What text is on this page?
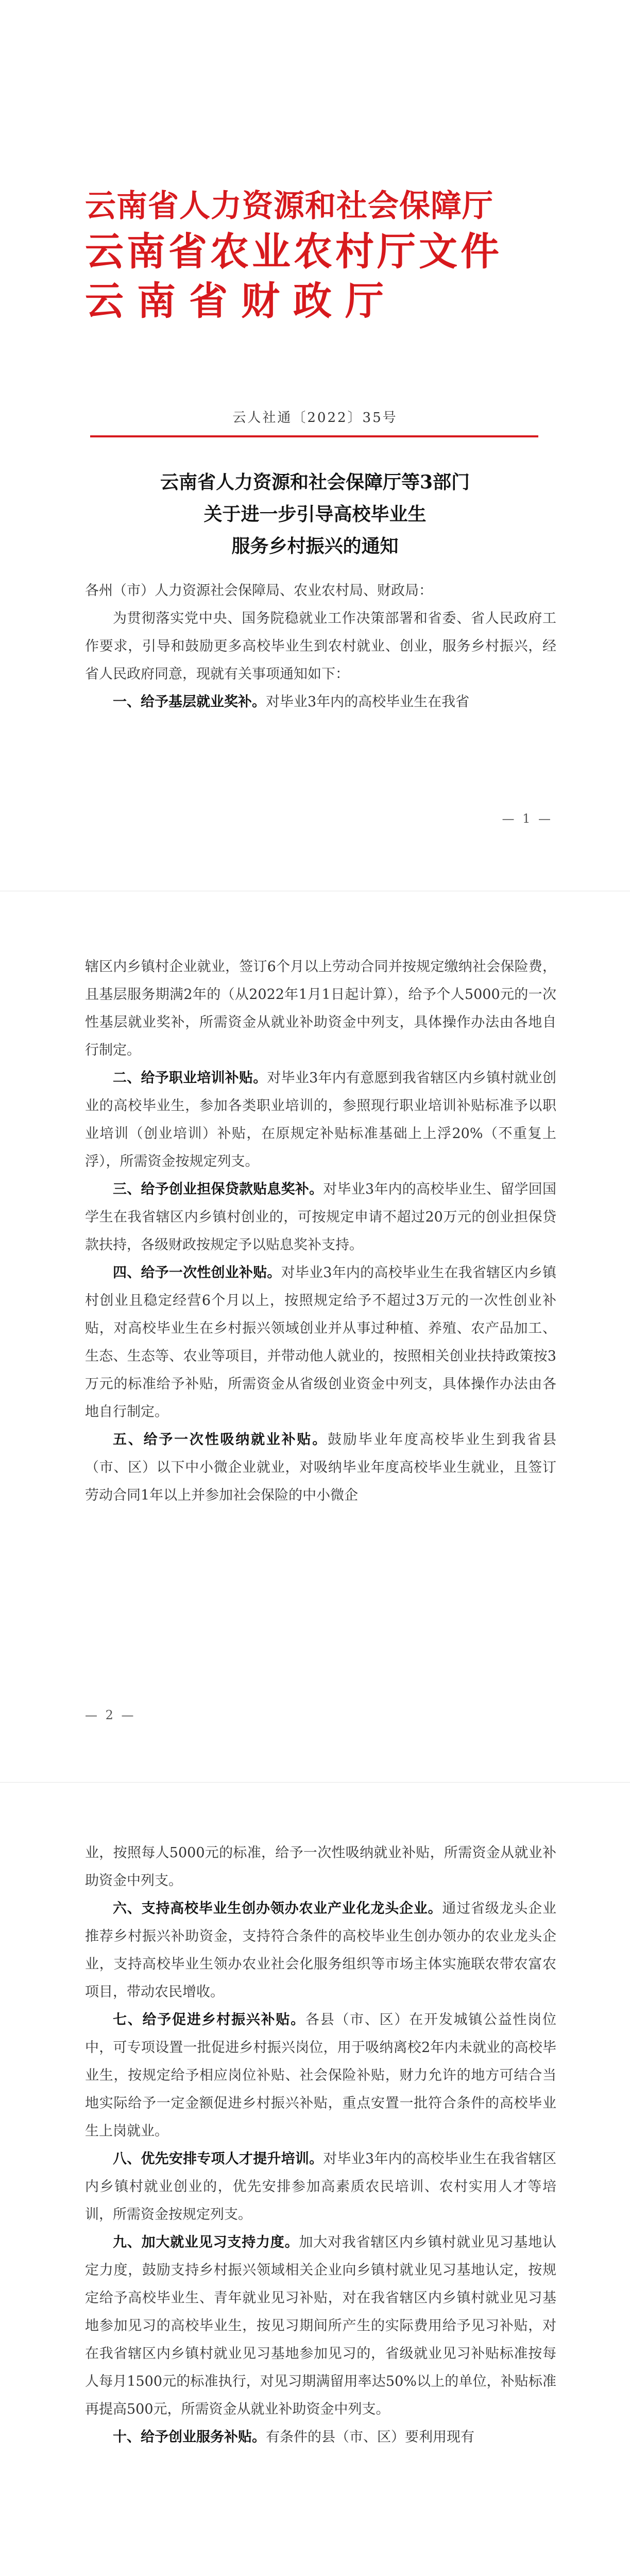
云南省人力资源和社会保障厅
云南省农业农村厅文件
云南省财政厅
云人社通〔2022〕35号
云南省人力资源和社会保障厅等3部门
关于进一步引导高校毕业生
服务乡村振兴的通知

各州（市）人力资源社会保障局、农业农村局、财政局：

为贯彻落实党中央、国务院稳就业工作决策部署和省委、省人民政府工作要求，引导和鼓励更多高校毕业生到农村就业、创业，服务乡村振兴，经省人民政府同意，现就有关事项通知如下：

一、给予基层就业奖补。对毕业3年内的高校毕业生在我省

— 1 —

辖区内乡镇村企业就业，签订6个月以上劳动合同并按规定缴纳社会保险费，且基层服务期满2年的（从2022年1月1日起计算），给予个人5000元的一次性基层就业奖补，所需资金从就业补助资金中列支，具体操作办法由各地自行制定。

二、给予职业培训补贴。对毕业3年内有意愿到我省辖区内乡镇村就业创业的高校毕业生，参加各类职业培训的，参照现行职业培训补贴标准予以职业培训（创业培训）补贴，在原规定补贴标准基础上上浮20%（不重复上浮），所需资金按规定列支。

三、给予创业担保贷款贴息奖补。对毕业3年内的高校毕业生、留学回国学生在我省辖区内乡镇村创业的，可按规定申请不超过20万元的创业担保贷款扶持，各级财政按规定予以贴息奖补支持。

四、给予一次性创业补贴。对毕业3年内的高校毕业生在我省辖区内乡镇村创业且稳定经营6个月以上，按照规定给予不超过3万元的一次性创业补贴，对高校毕业生在乡村振兴领域创业并从事过种植、养殖、农产品加工、生态、生态等、农业等项目，并带动他人就业的，按照相关创业扶持政策按3万元的标准给予补贴，所需资金从省级创业资金中列支，具体操作办法由各地自行制定。

五、给予一次性吸纳就业补贴。鼓励毕业年度高校毕业生到我省县（市、区）以下中小微企业就业，对吸纳毕业年度高校毕业生就业，且签订劳动合同1年以上并参加社会保险的中小微企

— 2 —

业，按照每人5000元的标准，给予一次性吸纳就业补贴，所需资金从就业补助资金中列支。

六、支持高校毕业生创办领办农业产业化龙头企业。通过省级龙头企业推荐乡村振兴补助资金，支持符合条件的高校毕业生创办领办的农业龙头企业，支持高校毕业生领办农业社会化服务组织等市场主体实施联农带农富农项目，带动农民增收。

七、给予促进乡村振兴补贴。各县（市、区）在开发城镇公益性岗位中，可专项设置一批促进乡村振兴岗位，用于吸纳离校2年内未就业的高校毕业生，按规定给予相应岗位补贴、社会保险补贴，财力允许的地方可结合当地实际给予一定金额促进乡村振兴补贴，重点安置一批符合条件的高校毕业生上岗就业。

八、优先安排专项人才提升培训。对毕业3年内的高校毕业生在我省辖区内乡镇村就业创业的，优先安排参加高素质农民培训、农村实用人才等培训，所需资金按规定列支。

九、加大就业见习支持力度。加大对我省辖区内乡镇村就业见习基地认定力度，鼓励支持乡村振兴领域相关企业向乡镇村就业见习基地认定，按规定给予高校毕业生、青年就业见习补贴，对在我省辖区内乡镇村就业见习基地参加见习的高校毕业生，按见习期间所产生的实际费用给予见习补贴，对在我省辖区内乡镇村就业见习基地参加见习的，省级就业见习补贴标准按每人每月1500元的标准执行，对见习期满留用率达50%以上的单位，补贴标准再提高500元，所需资金从就业补助资金中列支。

十、给予创业服务补贴。有条件的县（市、区）要利用现有
